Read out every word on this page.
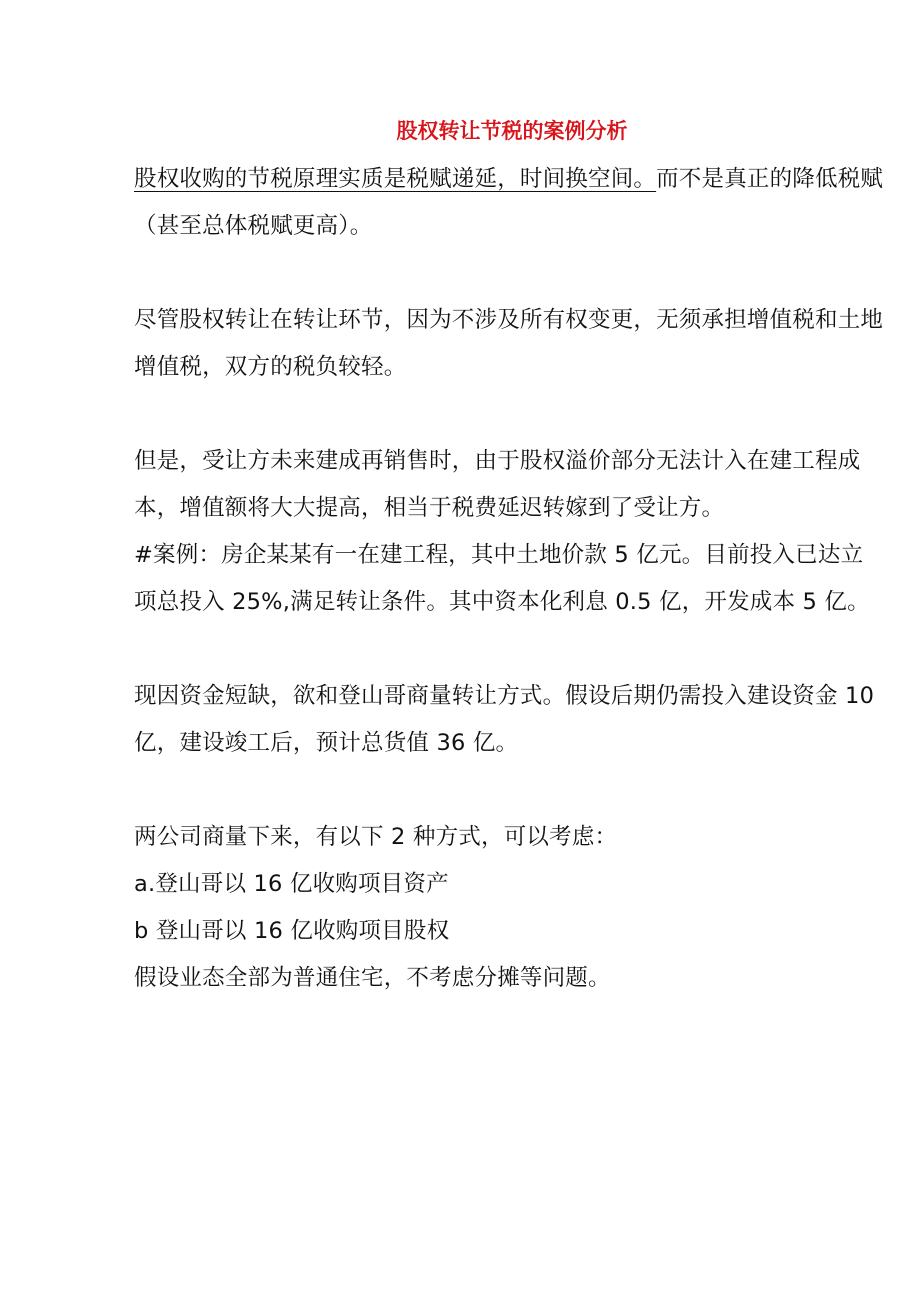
股权转让节税的案例分析

股权收购的节税原理实质是税赋递延，时间换空间。而不是真正的降低税赋（甚至总体税赋更高）。

尽管股权转让在转让环节，因为不涉及所有权变更，无须承担增值税和土地增值税，双方的税负较轻。

但是，受让方未来建成再销售时，由于股权溢价部分无法计入在建工程成本，增值额将大大提高，相当于税费延迟转嫁到了受让方。

#案例：房企某某有一在建工程，其中土地价款 5 亿元。目前投入已达立项总投入 25%,满足转让条件。其中资本化利息 0.5 亿，开发成本 5 亿。

现因资金短缺，欲和登山哥商量转让方式。假设后期仍需投入建设资金 10 亿，建设竣工后，预计总货值 36 亿。

两公司商量下来，有以下 2 种方式，可以考虑：

a.登山哥以 16 亿收购项目资产

b 登山哥以 16 亿收购项目股权

假设业态全部为普通住宅，不考虑分摊等问题。
